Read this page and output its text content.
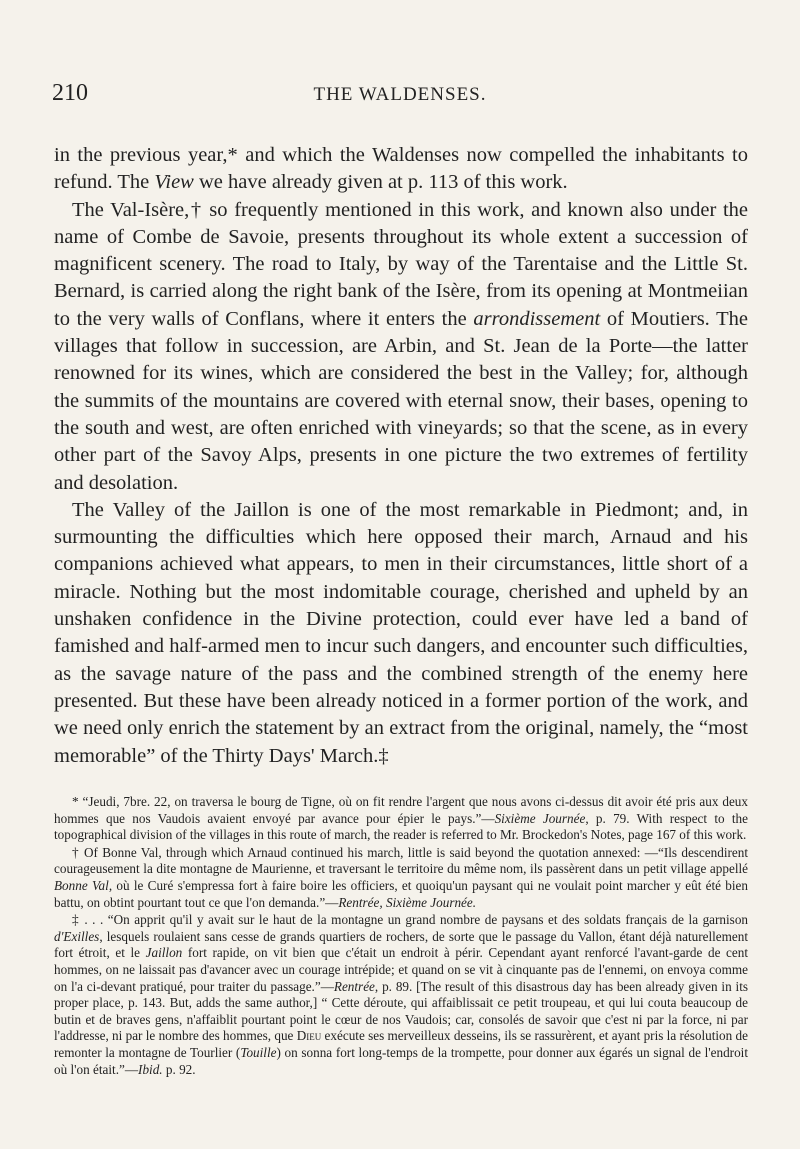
210	THE WALDENSES.

in the previous year,* and which the Waldenses now compelled the inhabitants to refund. The View we have already given at p. 113 of this work.

The Val-Isère,† so frequently mentioned in this work, and known also under the name of Combe de Savoie, presents throughout its whole extent a succession of magnificent scenery. The road to Italy, by way of the Tarentaise and the Little St. Bernard, is carried along the right bank of the Isère, from its opening at Montmeiian to the very walls of Conflans, where it enters the arrondissement of Moutiers. The villages that follow in succession, are Arbin, and St. Jean de la Porte—the latter renowned for its wines, which are considered the best in the Valley; for, although the summits of the mountains are covered with eternal snow, their bases, opening to the south and west, are often enriched with vineyards; so that the scene, as in every other part of the Savoy Alps, presents in one picture the two extremes of fertility and desolation.

The Valley of the Jaillon is one of the most remarkable in Piedmont; and, in surmounting the difficulties which here opposed their march, Arnaud and his companions achieved what appears, to men in their circumstances, little short of a miracle. Nothing but the most indomitable courage, cherished and upheld by an unshaken confidence in the Divine protection, could ever have led a band of famished and half-armed men to incur such dangers, and encounter such difficulties, as the savage nature of the pass and the combined strength of the enemy here presented. But these have been already noticed in a former portion of the work, and we need only enrich the statement by an extract from the original, namely, the “most memorable” of the Thirty Days' March.‡

* “Jeudi, 7bre. 22, on traversa le bourg de Tigne, où on fit rendre l'argent que nous avons ci-dessus dit avoir été pris aux deux hommes que nos Vaudois avaient envoyé par avance pour épier le pays.”—Sixième Journée, p. 79. With respect to the topographical division of the villages in this route of march, the reader is referred to Mr. Brockedon's Notes, page 167 of this work.

† Of Bonne Val, through which Arnaud continued his march, little is said beyond the quotation annexed: —“Ils descendirent courageusement la dite montagne de Maurienne, et traversant le territoire du même nom, ils passèrent dans un petit village appellé Bonne Val, où le Curé s'empressa fort à faire boire les officiers, et quoiqu'un paysant qui ne voulait point marcher y eût été bien battu, on obtint pourtant tout ce que l'on demanda.”—Rentrée, Sixième Journée.

‡ . . . “On apprit qu'il y avait sur le haut de la montagne un grand nombre de paysans et des soldats français de la garnison d'Exilles, lesquels roulaient sans cesse de grands quartiers de rochers, de sorte que le passage du Vallon, étant déjà naturellement fort étroit, et le Jaillon fort rapide, on vit bien que c'était un endroit à périr. Cependant ayant renforcé l'avant-garde de cent hommes, on ne laissait pas d'avancer avec un courage intrépide; et quand on se vit à cinquante pas de l'ennemi, on envoya comme on l'a ci-devant pratiqué, pour traiter du passage.”—Rentrée, p. 89. [The result of this disastrous day has been already given in its proper place, p. 143. But, adds the same author,] “ Cette déroute, qui affaiblissait ce petit troupeau, et qui lui couta beaucoup de butin et de braves gens, n'affaiblit pourtant point le cœur de nos Vaudois; car, consolés de savoir que c'est ni par la force, ni par l'addresse, ni par le nombre des hommes, que Dieu exécute ses merveilleux desseins, ils se rassurèrent, et ayant pris la résolution de remonter la montagne de Tourlier (Touille) on sonna fort long-temps de la trompette, pour donner aux égarés un signal de l'endroit où l'on était.”—Ibid. p. 92.
